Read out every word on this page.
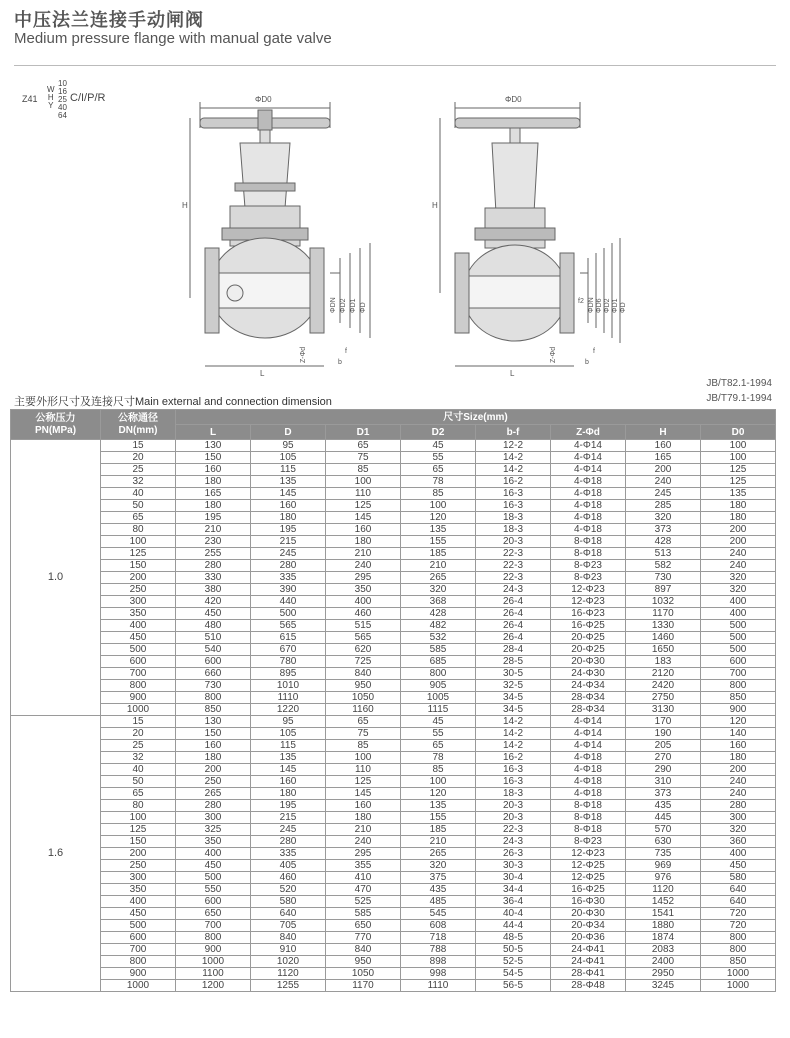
中压法兰连接手动闸阀
Medium pressure flange with manual gate valve
Z41
W
H
Y
10
16
25
40
64
C/I/P/R	ΦD0
H
L
ΦDN ΦD2 ΦD1 ΦD
Z-Φd	f
b
ΦD0
H
L
f2 ΦDN ΦD6 ΦD2 ΦD1 ΦD
Z-Φd	f
b
JB/T82.1-1994
主要外形尺寸及连接尺寸Main external and connection dimension	JB/T79.1-1994
公称压力
PN(MPa)	公称通径
DN(mm)	尺寸Size(mm)							
		L	D	D1	D2	b-f	Z-Φd	H	D0
1.0	15	130	95	65	45	12-2	4-Φ14	160	100
	20	150	105	75	55	14-2	4-Φ14	165	100
	25	160	115	85	65	14-2	4-Φ14	200	125
	32	180	135	100	78	16-2	4-Φ18	240	125
	40	165	145	110	85	16-3	4-Φ18	245	135
	50	180	160	125	100	16-3	4-Φ18	285	180
	65	195	180	145	120	18-3	4-Φ18	320	180
	80	210	195	160	135	18-3	4-Φ18	373	200
	100	230	215	180	155	20-3	8-Φ18	428	200
	125	255	245	210	185	22-3	8-Φ18	513	240
	150	280	280	240	210	22-3	8-Φ23	582	240
	200	330	335	295	265	22-3	8-Φ23	730	320
	250	380	390	350	320	24-3	12-Φ23	897	320
	300	420	440	400	368	26-4	12-Φ23	1032	400
	350	450	500	460	428	26-4	16-Φ23	1170	400
	400	480	565	515	482	26-4	16-Φ25	1330	500
	450	510	615	565	532	26-4	20-Φ25	1460	500
	500	540	670	620	585	28-4	20-Φ25	1650	500
	600	600	780	725	685	28-5	20-Φ30	183	600
	700	660	895	840	800	30-5	24-Φ30	2120	700
	800	730	1010	950	905	32-5	24-Φ34	2420	800
	900	800	1110	1050	1005	34-5	28-Φ34	2750	850
	1000	850	1220	1160	1115	34-5	28-Φ34	3130	900
1.6	15	130	95	65	45	14-2	4-Φ14	170	120
	20	150	105	75	55	14-2	4-Φ14	190	140
	25	160	115	85	65	14-2	4-Φ14	205	160
	32	180	135	100	78	16-2	4-Φ18	270	180
	40	200	145	110	85	16-3	4-Φ18	290	200
	50	250	160	125	100	16-3	4-Φ18	310	240
	65	265	180	145	120	18-3	4-Φ18	373	240
	80	280	195	160	135	20-3	8-Φ18	435	280
	100	300	215	180	155	20-3	8-Φ18	445	300
	125	325	245	210	185	22-3	8-Φ18	570	320
	150	350	280	240	210	24-3	8-Φ23	630	360
	200	400	335	295	265	26-3	12-Φ23	735	400
	250	450	405	355	320	30-3	12-Φ25	969	450
	300	500	460	410	375	30-4	12-Φ25	976	580
	350	550	520	470	435	34-4	16-Φ25	1120	640
	400	600	580	525	485	36-4	16-Φ30	1452	640
	450	650	640	585	545	40-4	20-Φ30	1541	720
	500	700	705	650	608	44-4	20-Φ34	1880	720
	600	800	840	770	718	48-5	20-Φ36	1874	800
	700	900	910	840	788	50-5	24-Φ41	2083	800
	800	1000	1020	950	898	52-5	24-Φ41	2400	850
	900	1100	1120	1050	998	54-5	28-Φ41	2950	1000
	1000	1200	1255	1170	1110	56-5	28-Φ48	3245	1000
